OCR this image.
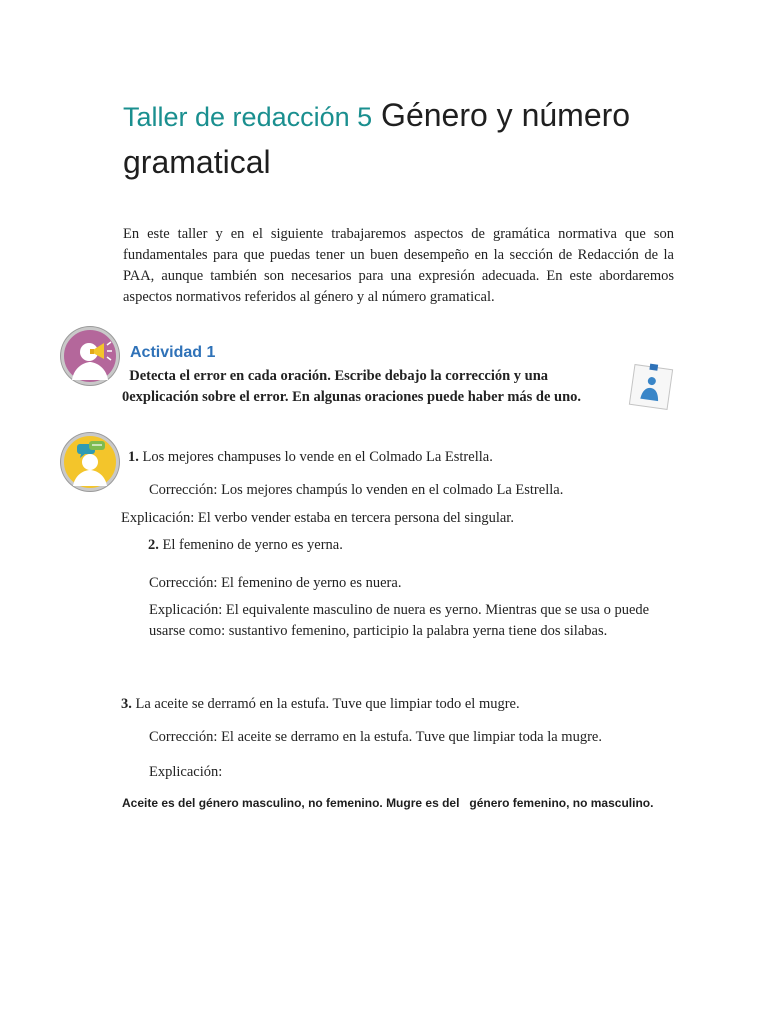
Taller de redacción 5 Género y número gramatical

En este taller y en el siguiente trabajaremos aspectos de gramática normativa que son fundamentales para que puedas tener un buen desempeño en la sección de Redacción de la PAA, aunque también son necesarios para una expresión adecuada. En este abordaremos aspectos normativos referidos al género y al número gramatical.

Actividad 1

Detecta el error en cada oración. Escribe debajo la corrección y una 0explicación sobre el error. En algunas oraciones puede haber más de uno.

1. Los mejores champuses lo vende en el Colmado La Estrella.

Corrección: Los mejores champús lo venden en el colmado La Estrella.

Explicación: El verbo vender estaba en tercera persona del singular.

2. El femenino de yerno es yerna.

Corrección: El femenino de yerno es nuera.

Explicación: El equivalente masculino de nuera es yerno. Mientras que se usa o puede usarse como: sustantivo femenino, participio la palabra yerna tiene dos silabas.

3. La aceite se derramó en la estufa. Tuve que limpiar todo el mugre.

Corrección: El aceite se derramo en la estufa. Tuve que limpiar toda la mugre.

Explicación:

Aceite es del género masculino, no femenino. Mugre es del   género femenino, no masculino.
